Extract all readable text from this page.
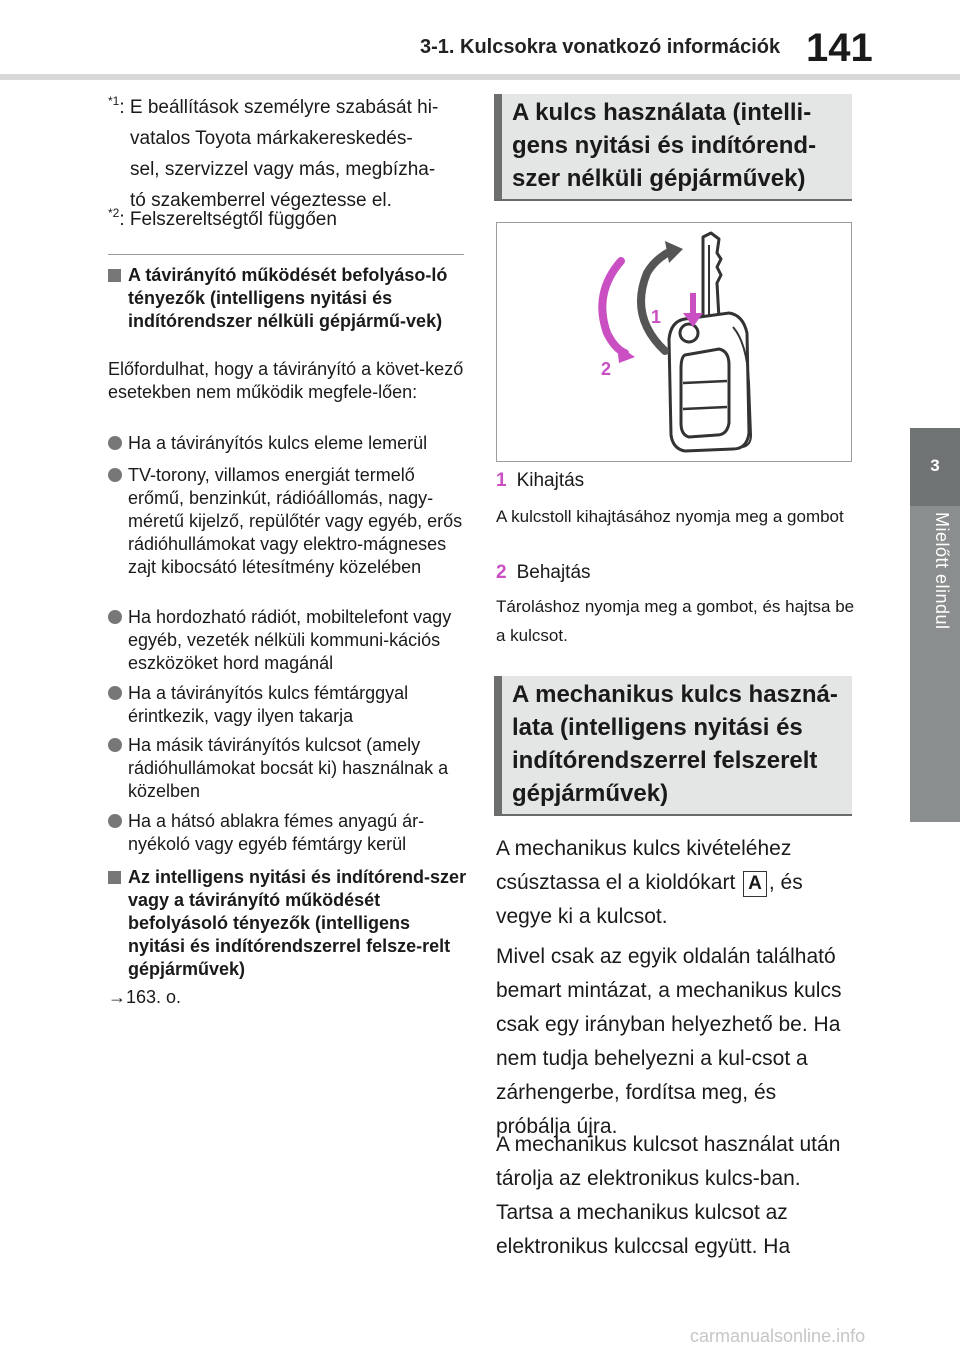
3-1. Kulcsokra vonatkozó információk 141
3
Mielőtt elindul
$^{*1}$: E beállítások személyre szabását hi-
vatalos Toyota márkakereskedés-
sel, szervizzel vagy más, megbízha-
tó szakemberrel végeztesse el.
$^{*2}$: Felszereltségtől függően
A távirányító működését befolyáso-ló tényezők (intelligens nyitási és indítórendszer nélküli gépjármű-vek)
Előfordulhat, hogy a távirányító a követ-kező esetekben nem működik megfele-lően:
Ha a távirányítós kulcs eleme lemerül
TV-torony, villamos energiát termelő erőmű, benzinkút, rádióállomás, nagy-méretű kijelző, repülőtér vagy egyéb, erős rádióhullámokat vagy elektro-mágneses zajt kibocsátó létesítmény közelében
Ha hordozható rádiót, mobiltelefont vagy egyéb, vezeték nélküli kommuni-kációs eszközöket hord magánál
Ha a távirányítós kulcs fémtárggyal érintkezik, vagy ilyen takarja
Ha másik távirányítós kulcsot (amely rádióhullámokat bocsát ki) használnak a közelben
Ha a hátsó ablakra fémes anyagú ár-nyékoló vagy egyéb fémtárgy kerül
Az intelligens nyitási és indítórend-szer vagy a távirányító működését befolyásoló tényezők (intelligens nyitási és indítórendszerrel felsze-relt gépjárművek)
→163. o.
A kulcs használata (intelli-gens nyitási és indítórend-szer nélküli gépjárművek)
1
2
1 Kihajtás
A kulcstoll kihajtásához nyomja meg a gombot
2 Behajtás
Tároláshoz nyomja meg a gombot, és hajtsa be a kulcsot.
A mechanikus kulcs haszná-lata (intelligens nyitási és indítórendszerrel felszerelt gépjárművek)
A mechanikus kulcs kivételéhez csúsztassa el a kioldókart A , és vegye ki a kulcsot.
Mivel csak az egyik oldalán található bemart mintázat, a mechanikus kulcs csak egy irányban helyezhető be. Ha nem tudja behelyezni a kul-csot a zárhengerbe, fordítsa meg, és próbálja újra.
A mechanikus kulcsot használat után tárolja az elektronikus kulcs-ban. Tartsa a mechanikus kulcsot az elektronikus kulccsal együtt. Ha
carmanualsonline.info
